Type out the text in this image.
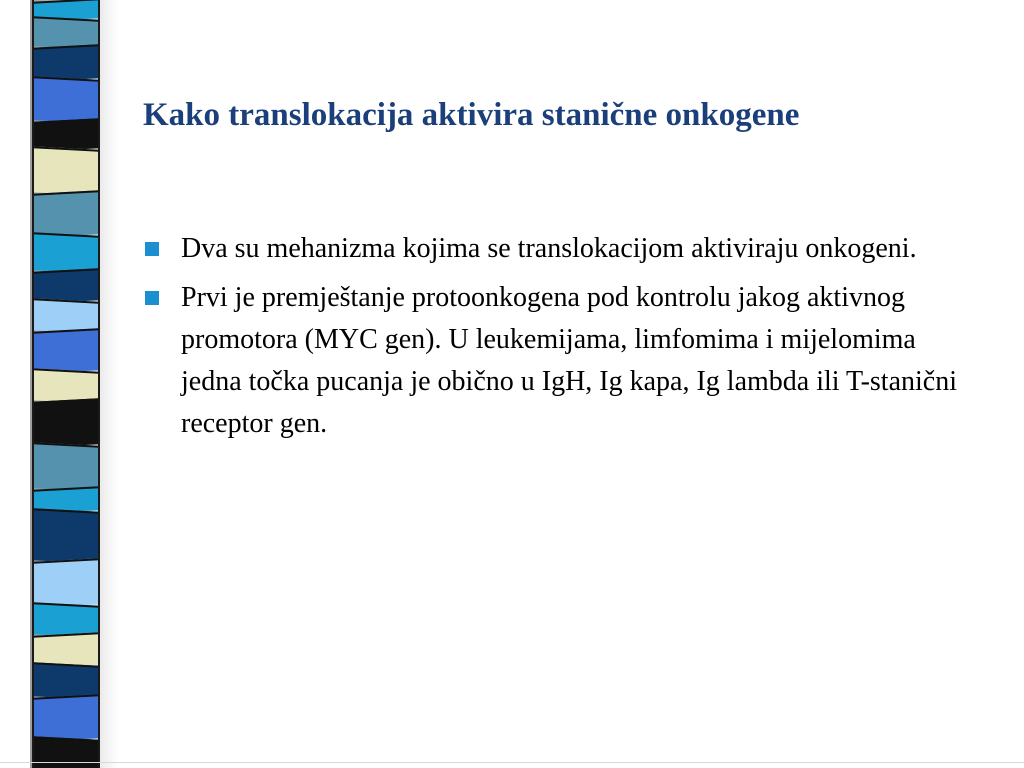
Kako translokacija aktivira stanične onkogene
Dva su mehanizma kojima se translokacijom aktiviraju onkogeni.
Prvi je premještanje protoonkogena pod kontrolu jakog aktivnog promotora (MYC gen). U leukemijama, limfomima i mijelomima jedna točka pucanja je obično u IgH, Ig kapa, Ig lambda ili T-stanični receptor gen.
